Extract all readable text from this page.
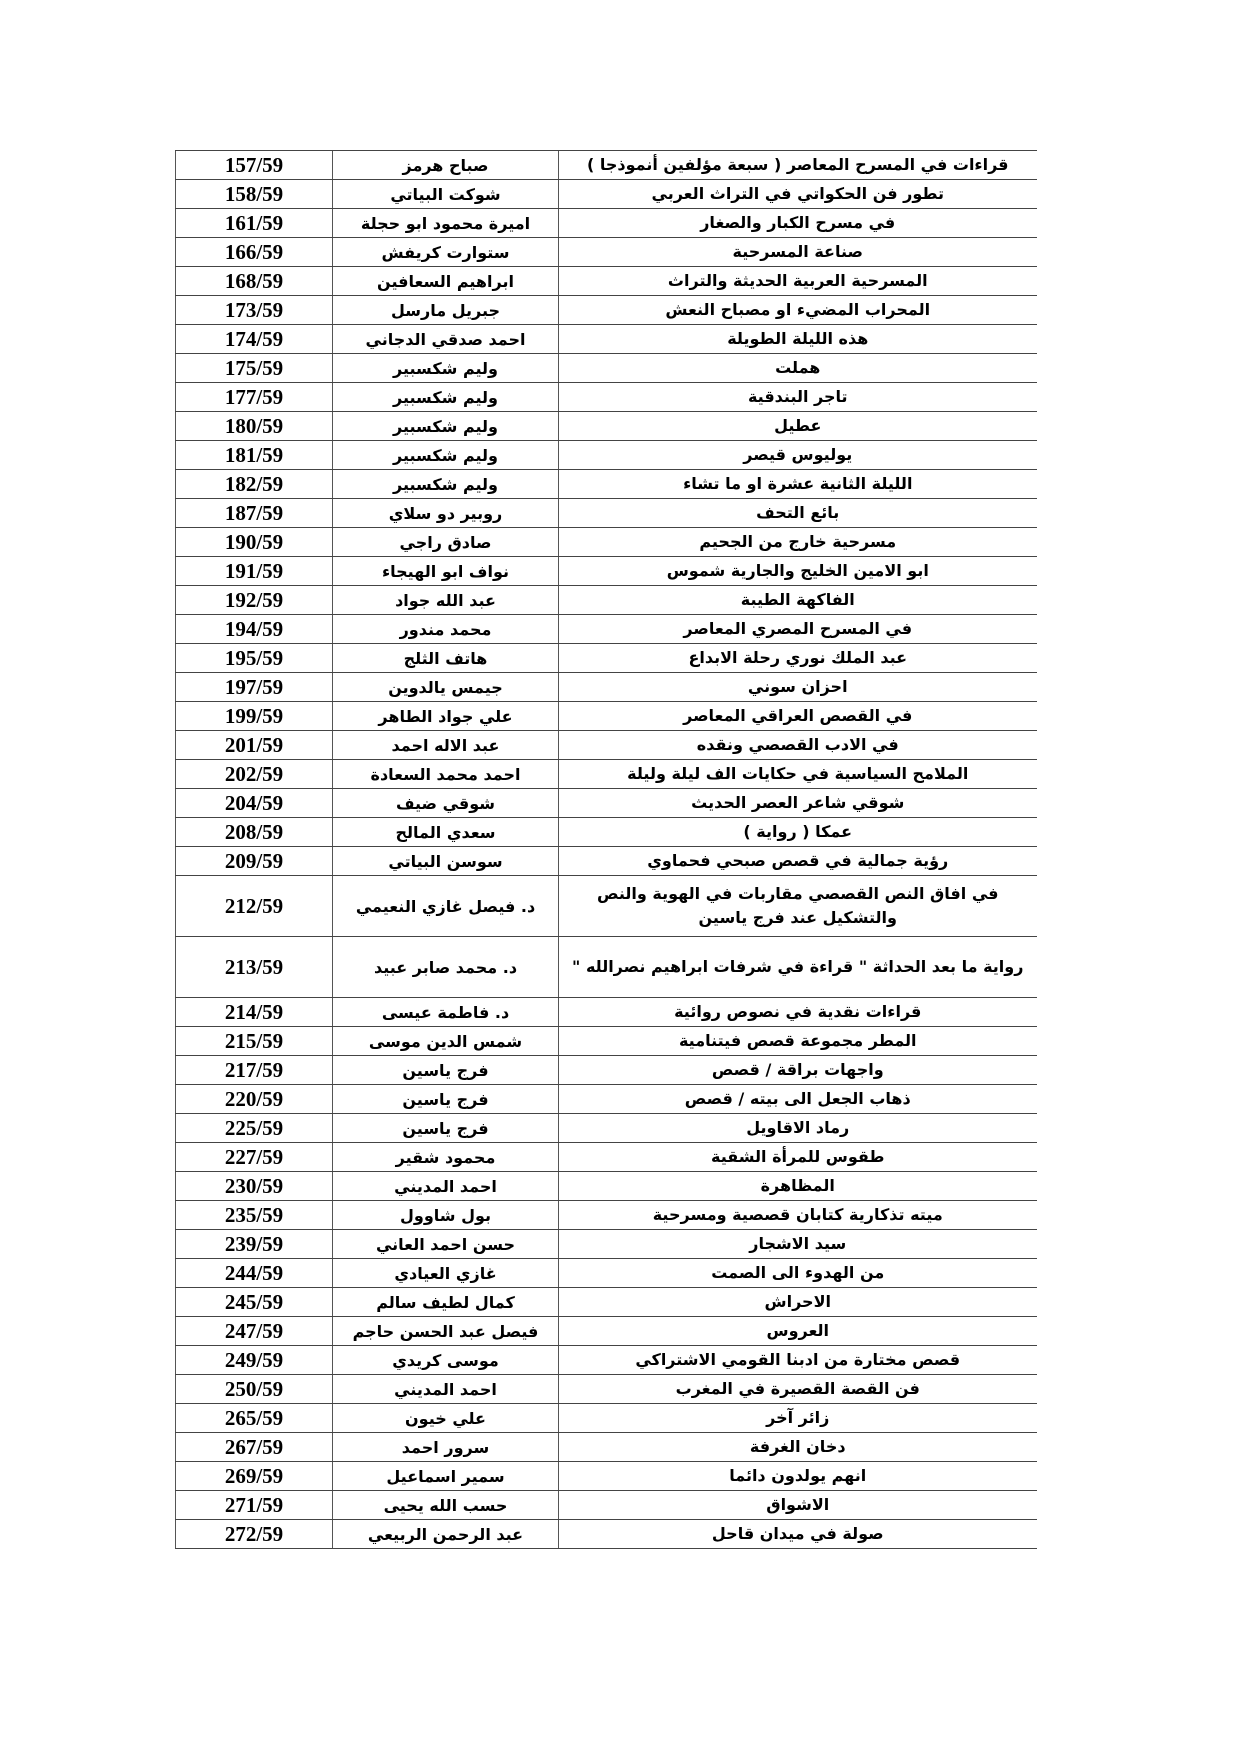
157/59	صباح هرمز	قراءات في المسرح المعاصر ( سبعة مؤلفين أنموذجا )
158/59	شوكت البياتي	تطور فن الحكواتي في التراث العربي
161/59	اميرة محمود ابو حجلة	في مسرح الكبار والصغار
166/59	ستوارت كريفش	صناعة المسرحية
168/59	ابراهيم السعافين	المسرحية العربية الحديثة والتراث
173/59	جبريل مارسل	المحراب المضيء او مصباح النعش
174/59	احمد صدقي الدجاني	هذه الليلة الطويلة
175/59	وليم شكسبير	هملت
177/59	وليم شكسبير	تاجر البندقية
180/59	وليم شكسبير	عطيل
181/59	وليم شكسبير	يوليوس قيصر
182/59	وليم شكسبير	الليلة الثانية عشرة او ما تشاء
187/59	روبير دو سلاي	بائع التحف
190/59	صادق راجي	مسرحية خارج من الجحيم
191/59	نواف ابو الهيجاء	ابو الامين الخليج والجارية شموس
192/59	عبد الله جواد	الفاكهة الطيبة
194/59	محمد مندور	في المسرح المصري المعاصر
195/59	هاتف الثلج	عبد الملك نوري رحلة الابداع
197/59	جيمس يالدوين	احزان سوني
199/59	علي جواد الطاهر	في القصص العراقي المعاصر
201/59	عبد الاله احمد	في الادب القصصي ونقده
202/59	احمد محمد السعادة	الملامح السياسية في حكايات الف ليلة وليلة
204/59	شوقي ضيف	شوقي شاعر العصر الحديث
208/59	سعدي المالح	عمكا ( رواية )
209/59	سوسن البياتي	رؤية جمالية في قصص صبحي فحماوي
212/59	د. فيصل غازي النعيمي	في افاق النص القصصي مقاربات في الهوية والنص والتشكيل عند فرج ياسين
213/59	د. محمد صابر عبيد	رواية ما بعد الحداثة " قراءة في شرفات ابراهيم نصرالله "
214/59	د. فاطمة عيسى	قراءات نقدية في نصوص روائية
215/59	شمس الدين موسى	المطر مجموعة قصص فيتنامية
217/59	فرج ياسين	واجهات براقة / قصص
220/59	فرج ياسين	ذهاب الجعل الى بيته / قصص
225/59	فرج ياسين	رماد الاقاويل
227/59	محمود شقير	طقوس للمرأة الشقية
230/59	احمد المديني	المظاهرة
235/59	بول شاوول	ميته تذكارية كتابان قصصية ومسرحية
239/59	حسن احمد العاني	سيد الاشجار
244/59	غازي العيادي	من الهدوء الى الصمت
245/59	كمال لطيف سالم	الاحراش
247/59	فيصل عبد الحسن حاجم	العروس
249/59	موسى كريدي	قصص مختارة من ادبنا القومي الاشتراكي
250/59	احمد المديني	فن القصة القصيرة في المغرب
265/59	علي خيون	زائر آخر
267/59	سرور احمد	دخان الغرفة
269/59	سمير اسماعيل	انهم يولدون دائما
271/59	حسب الله يحيى	الاشواق
272/59	عبد الرحمن الربيعي	صولة في ميدان قاحل
